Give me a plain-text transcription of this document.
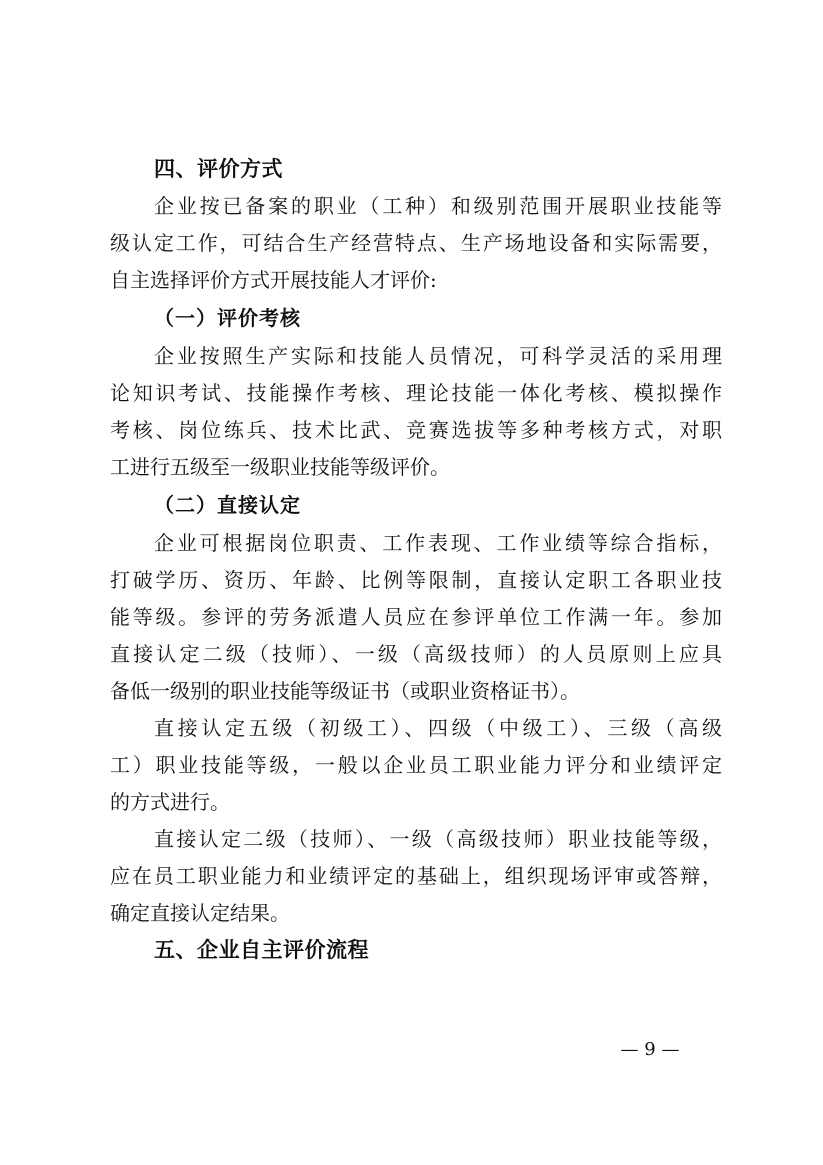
四、评价方式

企业按已备案的职业（工种）和级别范围开展职业技能等
级认定工作，可结合生产经营特点、生产场地设备和实际需要，
自主选择评价方式开展技能人才评价:

（一）评价考核

企业按照生产实际和技能人员情况，可科学灵活的采用理
论知识考试、技能操作考核、理论技能一体化考核、模拟操作
考核、岗位练兵、技术比武、竞赛选拔等多种考核方式，对职
工进行五级至一级职业技能等级评价。

（二）直接认定

企业可根据岗位职责、工作表现、工作业绩等综合指标，
打破学历、资历、年龄、比例等限制，直接认定职工各职业技
能等级。参评的劳务派遣人员应在参评单位工作满一年。参加
直接认定二级（技师）、一级（高级技师）的人员原则上应具
备低一级别的职业技能等级证书（或职业资格证书）。

直接认定五级（初级工）、四级（中级工）、三级（高级
工）职业技能等级，一般以企业员工职业能力评分和业绩评定
的方式进行。

直接认定二级（技师）、一级（高级技师）职业技能等级，
应在员工职业能力和业绩评定的基础上，组织现场评审或答辩，
确定直接认定结果。

五、企业自主评价流程
— 9 —
